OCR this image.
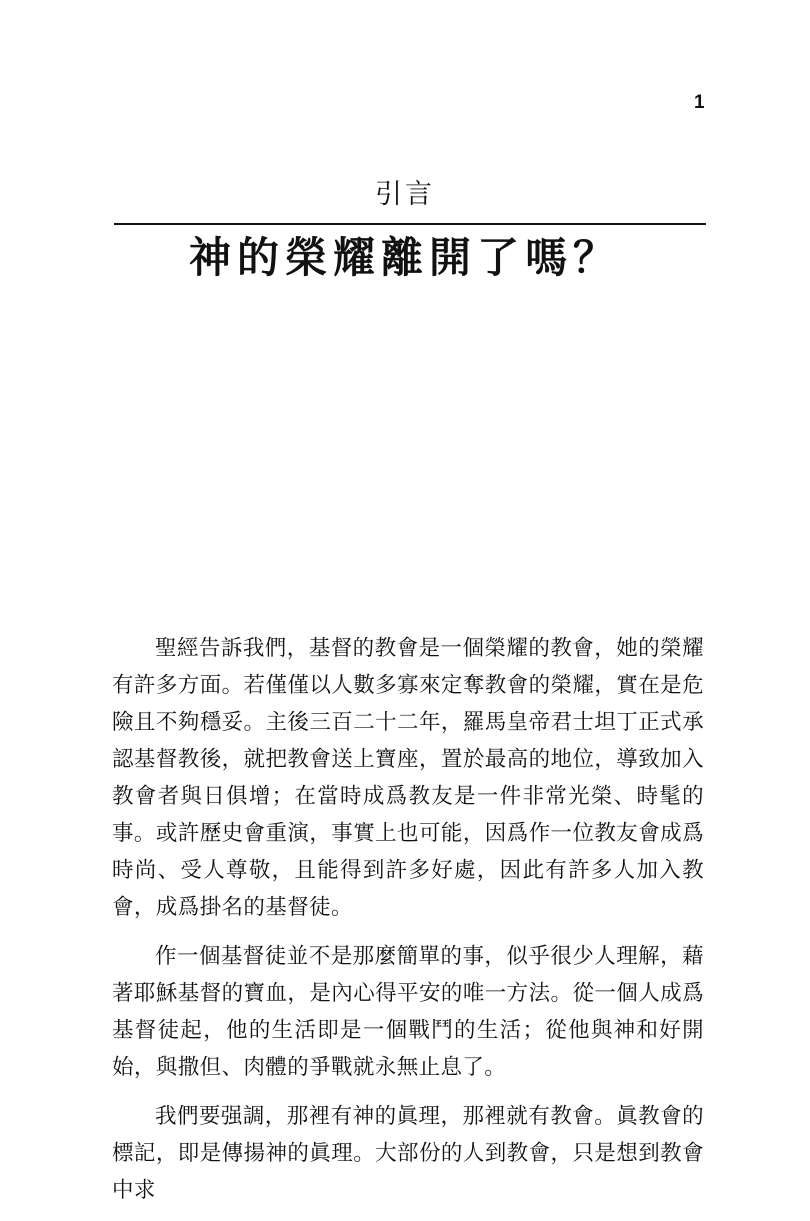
1
引言
神的榮耀離開了嗎？

聖經告訴我們，基督的教會是一個榮耀的教會，她的榮耀有許多方面。若僅僅以人數多寡來定奪教會的榮耀，實在是危險且不夠穩妥。主後三百二十二年，羅馬皇帝君士坦丁正式承認基督教後，就把教會送上寶座，置於最高的地位，導致加入教會者與日俱增；在當時成爲教友是一件非常光榮、時髦的事。或許歷史會重演，事實上也可能，因爲作一位教友會成爲時尚、受人尊敬，且能得到許多好處，因此有許多人加入教會，成爲掛名的基督徒。

作一個基督徒並不是那麼簡單的事，似乎很少人理解，藉著耶穌基督的寶血，是內心得平安的唯一方法。從一個人成爲基督徒起，他的生活即是一個戰鬥的生活；從他與神和好開始，與撒但、肉體的爭戰就永無止息了。

我們要强調，那裡有神的眞理，那裡就有教會。眞教會的標記，即是傳揚神的眞理。大部份的人到教會，只是想到教會中求
